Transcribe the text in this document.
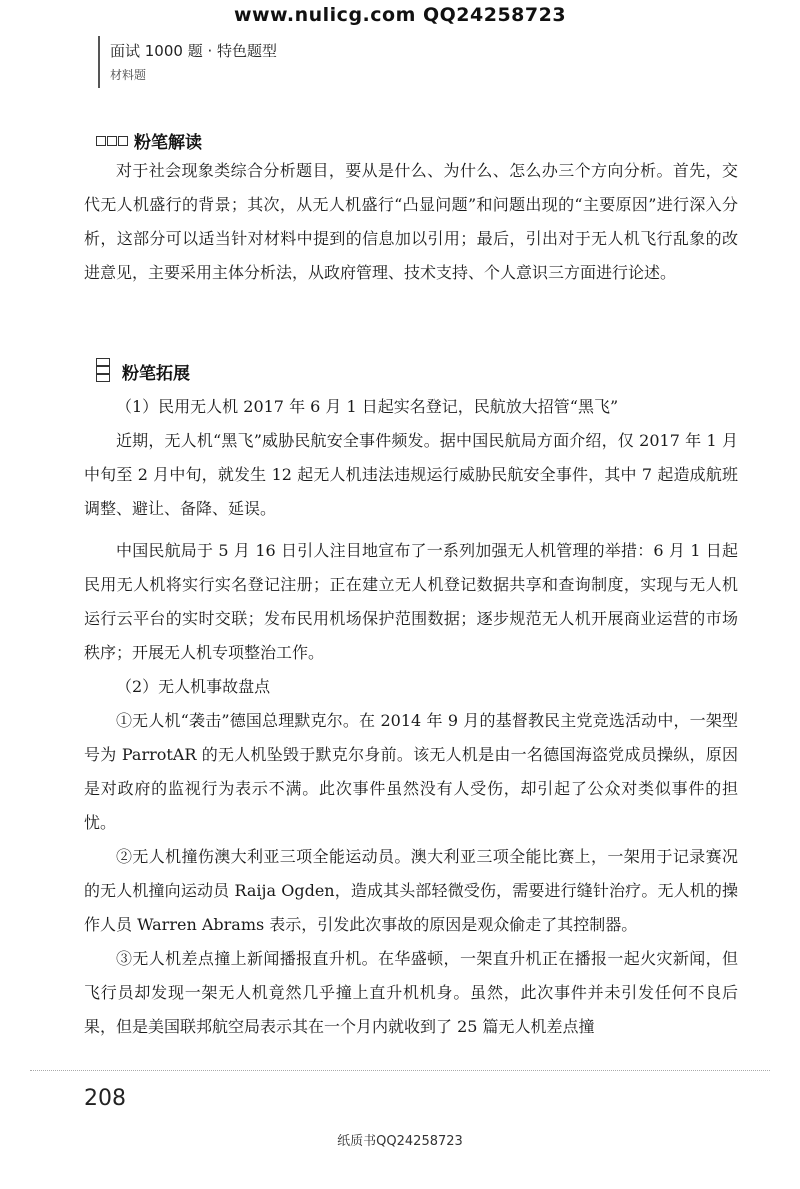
www.nulicg.com QQ24258723
面试 1000 题 · 特色题型
材料题
粉笔解读

对于社会现象类综合分析题目，要从是什么、为什么、怎么办三个方向分析。首先，交代无人机盛行的背景；其次，从无人机盛行“凸显问题”和问题出现的“主要原因”进行深入分析，这部分可以适当针对材料中提到的信息加以引用；最后，引出对于无人机飞行乱象的改进意见，主要采用主体分析法，从政府管理、技术支持、个人意识三方面进行论述。

粉笔拓展

（1）民用无人机 2017 年 6 月 1 日起实名登记，民航放大招管“黑飞”

近期，无人机“黑飞”威胁民航安全事件频发。据中国民航局方面介绍，仅 2017 年 1 月中旬至 2 月中旬，就发生 12 起无人机违法违规运行威胁民航安全事件，其中 7 起造成航班调整、避让、备降、延误。

中国民航局于 5 月 16 日引人注目地宣布了一系列加强无人机管理的举措：6 月 1 日起民用无人机将实行实名登记注册；正在建立无人机登记数据共享和查询制度，实现与无人机运行云平台的实时交联；发布民用机场保护范围数据；逐步规范无人机开展商业运营的市场秩序；开展无人机专项整治工作。

（2）无人机事故盘点

①无人机“袭击”德国总理默克尔。在 2014 年 9 月的基督教民主党竞选活动中，一架型号为 ParrotAR 的无人机坠毁于默克尔身前。该无人机是由一名德国海盗党成员操纵，原因是对政府的监视行为表示不满。此次事件虽然没有人受伤，却引起了公众对类似事件的担忧。

②无人机撞伤澳大利亚三项全能运动员。澳大利亚三项全能比赛上，一架用于记录赛况的无人机撞向运动员 Raija Ogden，造成其头部轻微受伤，需要进行缝针治疗。无人机的操作人员 Warren Abrams 表示，引发此次事故的原因是观众偷走了其控制器。

③无人机差点撞上新闻播报直升机。在华盛顿，一架直升机正在播报一起火灾新闻，但飞行员却发现一架无人机竟然几乎撞上直升机机身。虽然，此次事件并未引发任何不良后果，但是美国联邦航空局表示其在一个月内就收到了 25 篇无人机差点撞

208
纸质书QQ24258723
